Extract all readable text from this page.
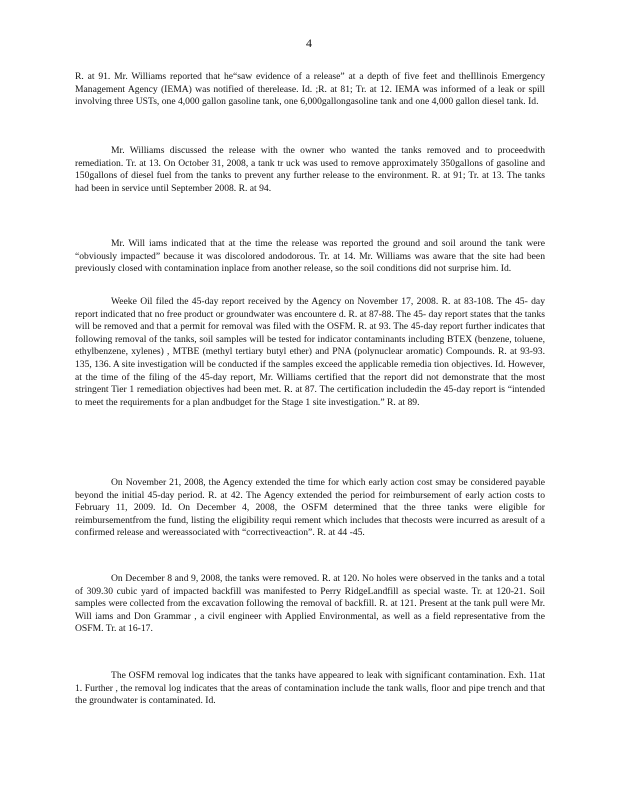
4

R. at 91. Mr. Williams reported that he“saw evidence of a release” at a depth of five feet and theIllinois Emergency Management Agency (IEMA) was notified of therelease. Id. ;R. at 81; Tr. at 12. IEMA was informed of a leak or spill involving three USTs, one 4,000 gallon gasoline tank, one 6,000gallongasoline tank and one 4,000 gallon diesel tank. Id.

Mr. Williams discussed the release with the owner who wanted the tanks removed and to proceedwith remediation. Tr. at 13. On October 31, 2008, a tank tr uck was used to remove approximately 350gallons of gasoline and 150gallons of diesel fuel from the tanks to prevent any further release to the environment. R. at 91; Tr. at 13. The tanks had been in service until September 2008. R. at 94.

Mr. Will iams indicated that at the time the release was reported the ground and soil around the tank were “obviously impacted” because it was discolored andodorous. Tr. at 14. Mr. Williams was aware that the site had been previously closed with contamination inplace from another release, so the soil conditions did not surprise him. Id.

Weeke Oil filed the 45-day report received by the Agency on November 17, 2008. R. at 83-108. The 45- day report indicated that no free product or groundwater was encountere d. R. at 87-88. The 45- day report states that the tanks will be removed and that a permit for removal was filed with the OSFM. R. at 93. The 45-day report further indicates that following removal of the tanks, soil samples will be tested for indicator contaminants including BTEX (benzene, toluene, ethylbenzene, xylenes) , MTBE (methyl tertiary butyl ether) and PNA (polynuclear aromatic) Compounds. R. at 93-93. 135, 136. A site investigation will be conducted if the samples exceed the applicable remedia tion objectives. Id. However, at the time of the filing of the 45-day report, Mr. Williams certified that the report did not demonstrate that the most stringent Tier 1 remediation objectives had been met. R. at 87. The certification includedin the 45-day report is “intended to meet the requirements for a plan andbudget for the Stage 1 site investigation.” R. at 89.

On November 21, 2008, the Agency extended the time for which early action cost smay be considered payable beyond the initial 45-day period. R. at 42. The Agency extended the period for reimbursement of early action costs to February 11, 2009. Id. On December 4, 2008, the OSFM determined that the three tanks were eligible for reimbursementfrom the fund, listing the eligibility requi rement which includes that thecosts were incurred as aresult of a confirmed release and wereassociated with “correctiveaction”. R. at 44 -45.

On December 8 and 9, 2008, the tanks were removed. R. at 120. No holes were observed in the tanks and a total of 309.30 cubic yard of impacted backfill was manifested to Perry RidgeLandfill as special waste. Tr. at 120-21. Soil samples were collected from the excavation following the removal of backfill. R. at 121. Present at the tank pull were Mr. Will iams and Don Grammar , a civil engineer with Applied Environmental, as well as a field representative from the OSFM. Tr. at 16-17.

The OSFM removal log indicates that the tanks have appeared to leak with significant contamination. Exh. 11at 1. Further , the removal log indicates that the areas of contamination include the tank walls, floor and pipe trench and that the groundwater is contaminated. Id.
